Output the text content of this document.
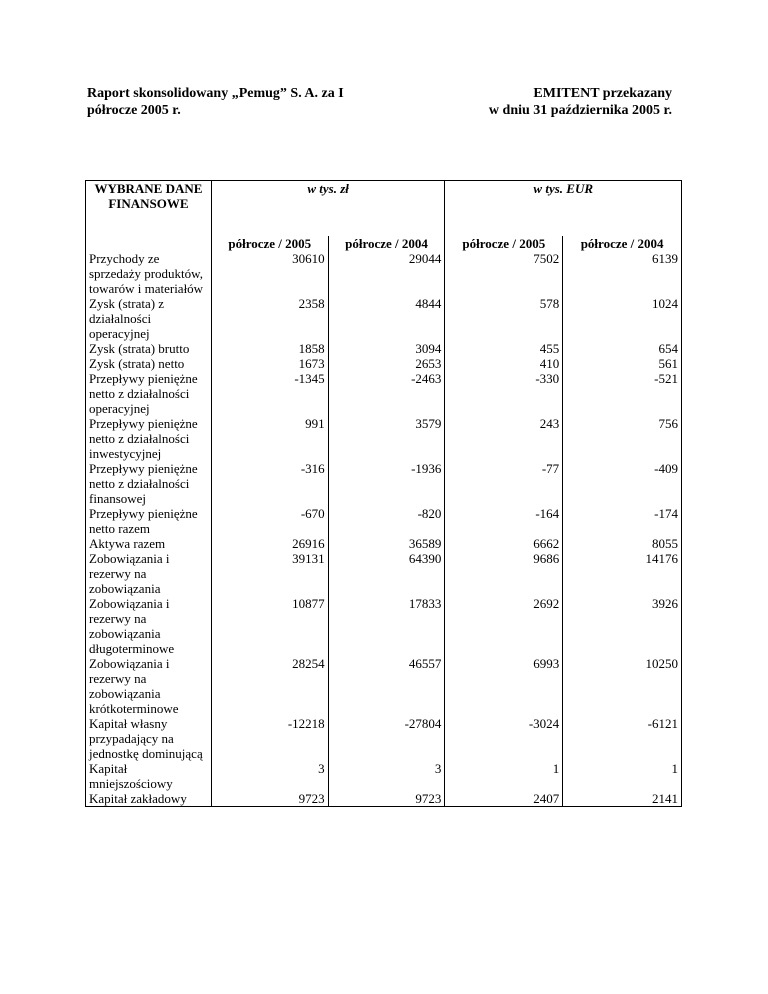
Raport skonsolidowany „Pemug” S. A. za I
półrocze 2005 r.
EMITENT przekazany
w dniu 31 października 2005 r.
WYBRANE DANE FINANSOWE	w tys. zł		w tys. EUR	
	półrocze / 2005	półrocze / 2004	półrocze / 2005	półrocze / 2004
Przychody ze sprzedaży produktów, towarów i materiałów	30610	29044	7502	6139
Zysk (strata) z działalności operacyjnej	2358	4844	578	1024
Zysk (strata) brutto	1858	3094	455	654
Zysk (strata) netto	1673	2653	410	561
Przepływy pieniężne netto z działalności operacyjnej	-1345	-2463	-330	-521
Przepływy pieniężne netto z działalności inwestycyjnej	991	3579	243	756
Przepływy pieniężne netto z działalności finansowej	-316	-1936	-77	-409
Przepływy pieniężne netto razem	-670	-820	-164	-174
Aktywa razem	26916	36589	6662	8055
Zobowiązania i rezerwy na zobowiązania	39131	64390	9686	14176
Zobowiązania i rezerwy na zobowiązania długoterminowe	10877	17833	2692	3926
Zobowiązania i rezerwy na zobowiązania krótkoterminowe	28254	46557	6993	10250
Kapitał własny przypadający na jednostkę dominującą	-12218	-27804	-3024	-6121
Kapitał mniejszościowy	3	3	1	1
Kapitał zakładowy	9723	9723	2407	2141
